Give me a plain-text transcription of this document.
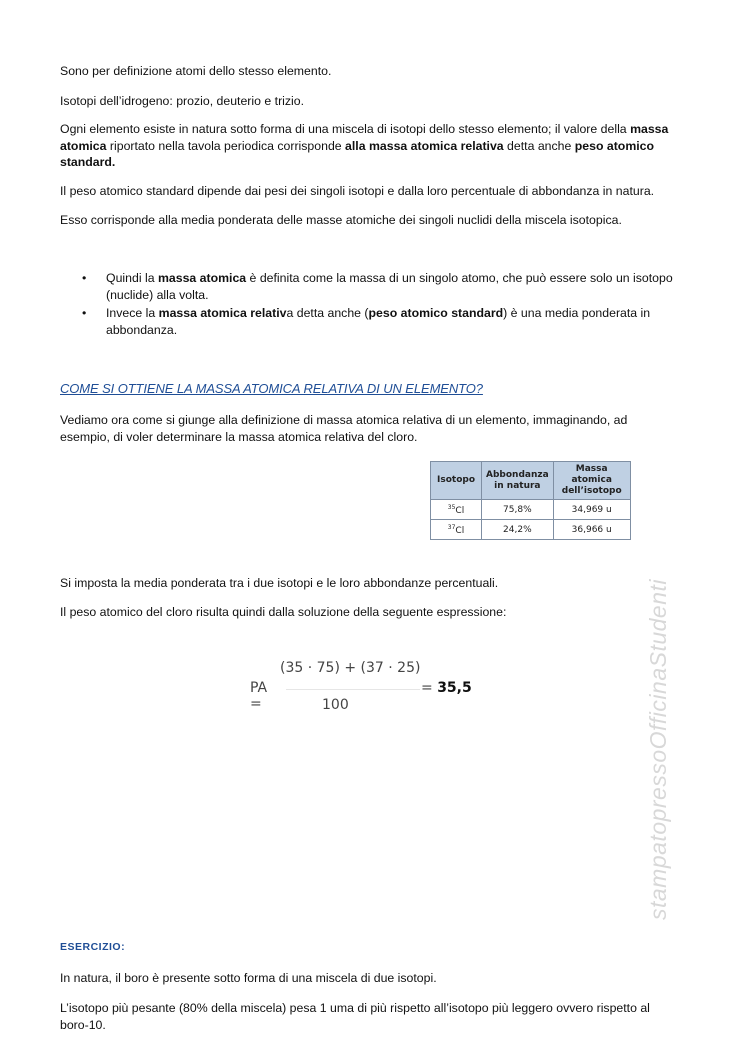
Sono per definizione atomi dello stesso elemento.

Isotopi dell’idrogeno: prozio, deuterio e trizio.

Ogni elemento esiste in natura sotto forma di una miscela di isotopi dello stesso elemento; il valore della massa atomica riportato nella tavola periodica corrisponde alla massa atomica relativa detta anche peso atomico standard.

Il peso atomico standard dipende dai pesi dei singoli isotopi e dalla loro percentuale di abbondanza in natura.

Esso corrisponde alla media ponderata delle masse atomiche dei singoli nuclidi della miscela isotopica.

• Quindi la massa atomica è definita come la massa di un singolo atomo, che può essere solo un isotopo (nuclide) alla volta.
• Invece la massa atomica relativa detta anche (peso atomico standard) è una media ponderata in abbondanza.
COME SI OTTIENE LA MASSA ATOMICA RELATIVA DI UN ELEMENTO?

Vediamo ora come si giunge alla definizione di massa atomica relativa di un elemento, immaginando, ad esempio, di voler determinare la massa atomica relativa del cloro.

Isotopo	Abbondanza in natura	Massa atomica dell’isotopo
$^{35}$Cl	75,8%	34,969 u
$^{37}$Cl	24,2%	36,966 u

Si imposta la media ponderata tra i due isotopi e le loro abbondanze percentuali.

Il peso atomico del cloro risulta quindi dalla soluzione della seguente espressione:

(35 · 75) + (37 · 25)
PA =
= 35,5
100	stampatopressoOfficinaStudenti
ESERCIZIO:

In natura, il boro è presente sotto forma di una miscela di due isotopi.

L’isotopo più pesante (80% della miscela) pesa 1 uma di più rispetto all’isotopo più leggero ovvero rispetto al boro-10.
